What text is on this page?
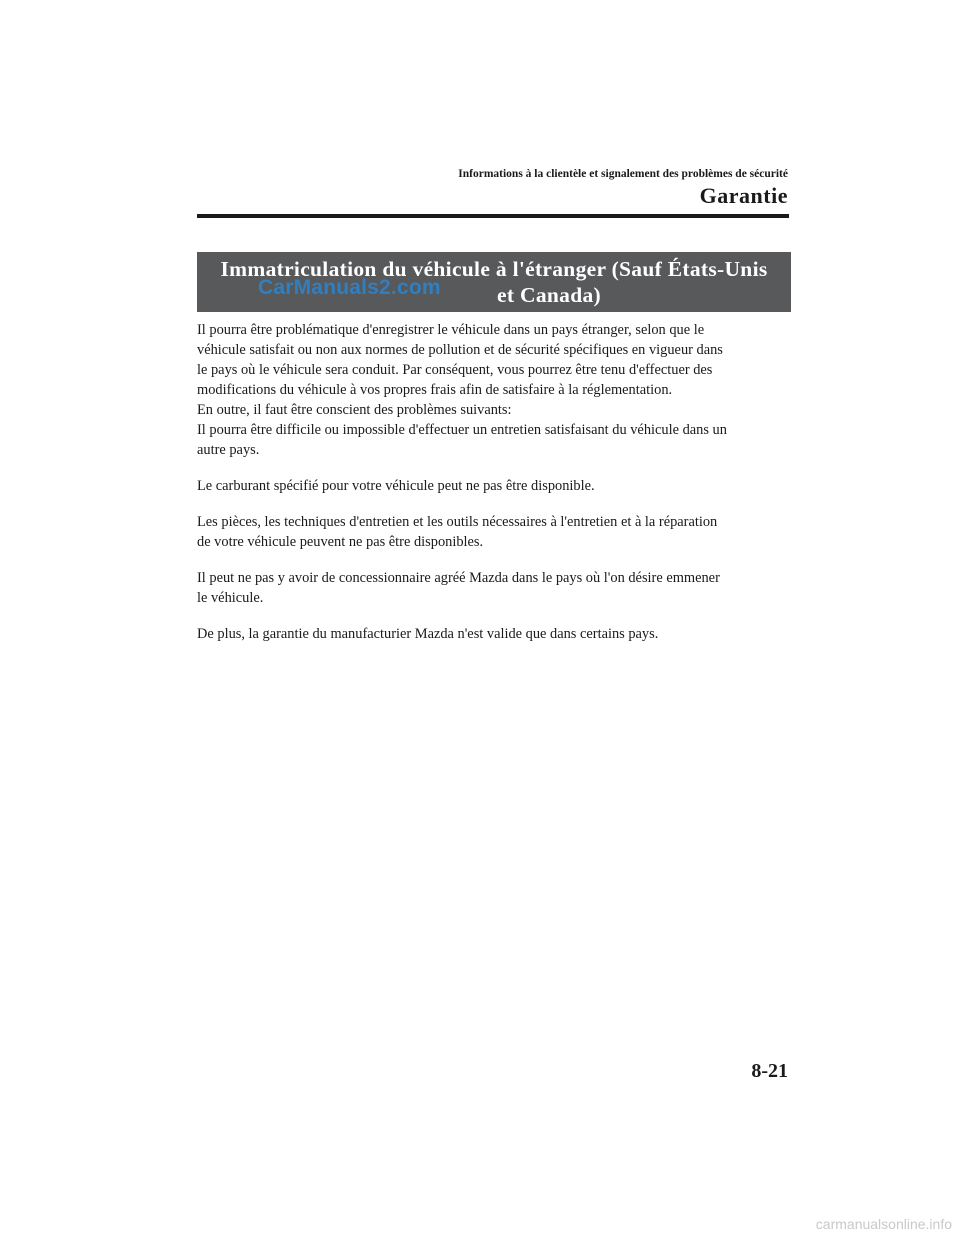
Informations à la clientèle et signalement des problèmes de sécurité
Garantie
Immatriculation du véhicule à l'étranger (Sauf États-Unis
et Canada)
CarManuals2.com

Il pourra être problématique d'enregistrer le véhicule dans un pays étranger, selon que le

véhicule satisfait ou non aux normes de pollution et de sécurité spécifiques en vigueur dans

le pays où le véhicule sera conduit. Par conséquent, vous pourrez être tenu d'effectuer des

modifications du véhicule à vos propres frais afin de satisfaire à la réglementation.

En outre, il faut être conscient des problèmes suivants:

Il pourra être difficile ou impossible d'effectuer un entretien satisfaisant du véhicule dans un

autre pays.

Le carburant spécifié pour votre véhicule peut ne pas être disponible.

Les pièces, les techniques d'entretien et les outils nécessaires à l'entretien et à la réparation

de votre véhicule peuvent ne pas être disponibles.

Il peut ne pas y avoir de concessionnaire agréé Mazda dans le pays où l'on désire emmener

le véhicule.

De plus, la garantie du manufacturier Mazda n'est valide que dans certains pays.

8-21
carmanualsonline.info
